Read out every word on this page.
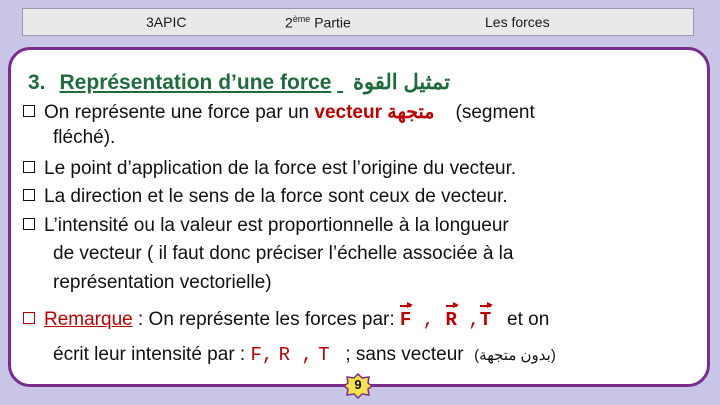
3APIC	2ème Partie	Les forces
3. Représentation d’une force تمثيل القوة
On représente une force par un vecteur متجهة (segment
fléché).
Le point d’application de la force est l’origine du vecteur.
La direction et le sens de la force sont ceux de vecteur.
L’intensité ou la valeur est proportionnelle à la longueur
de vecteur ( il faut donc préciser l’échelle associée à la
représentation vectorielle)
Remarque : On représente les forces par: F , R ,T et on
écrit leur intensité par : F, R , T ; sans vecteur (بدون متجهة)
9
